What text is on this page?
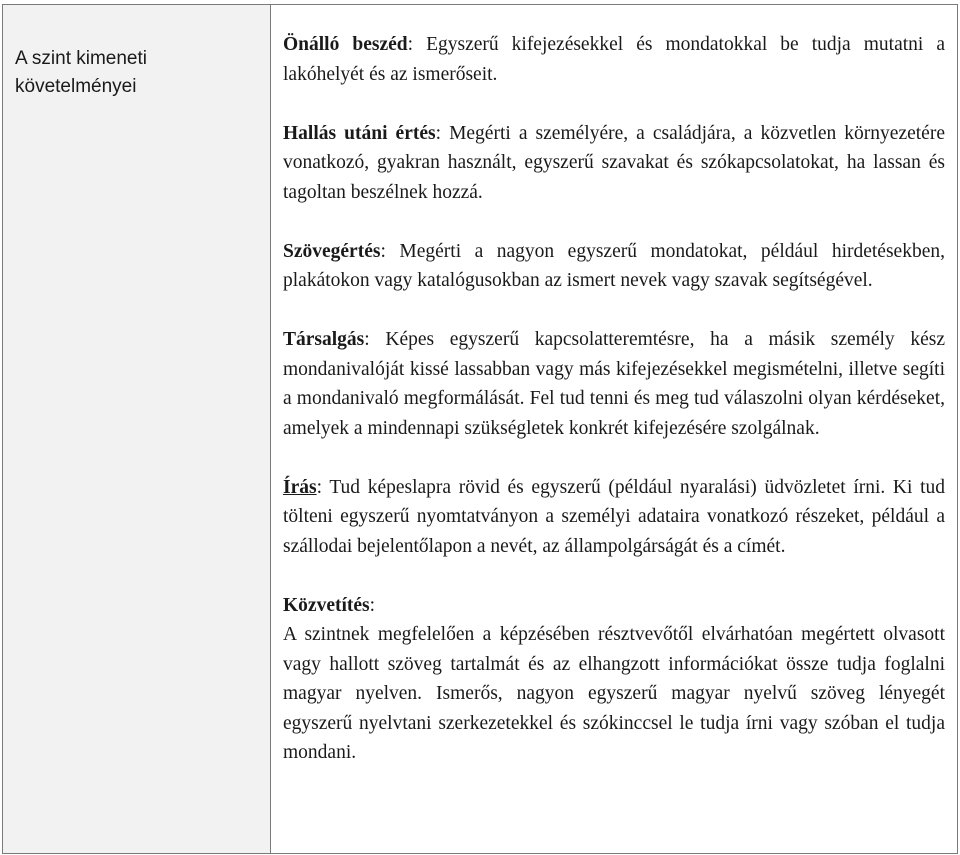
A szint kimeneti követelményei	

Önálló beszéd: Egyszerű kifejezésekkel és mondatokkal be tudja mutatni a lakóhelyét és az ismerőseit.

Hallás utáni értés: Megérti a személyére, a családjára, a közvetlen környezetére vonatkozó, gyakran használt, egyszerű szavakat és szókapcsolatokat, ha lassan és tagoltan beszélnek hozzá.

Szövegértés: Megérti a nagyon egyszerű mondatokat, például hirdetésekben, plakátokon vagy katalógusokban az ismert nevek vagy szavak segítségével.

Társalgás: Képes egyszerű kapcsolatteremtésre, ha a másik személy kész mondanivalóját kissé lassabban vagy más kifejezésekkel megismételni, illetve segíti a mondanivaló megformálását. Fel tud tenni és meg tud válaszolni olyan kérdéseket, amelyek a mindennapi szükségletek konkrét kifejezésére szolgálnak.

Írás: Tud képeslapra rövid és egyszerű (például nyaralási) üdvözletet írni. Ki tud tölteni egyszerű nyomtatványon a személyi adataira vonatkozó részeket, például a szállodai bejelentőlapon a nevét, az állampolgárságát és a címét.

Közvetítés:
A szintnek megfelelően a képzésében résztvevőtől elvárhatóan megértett olvasott vagy hallott szöveg tartalmát és az elhangzott információkat össze tudja foglalni magyar nyelven. Ismerős, nagyon egyszerű magyar nyelvű szöveg lényegét egyszerű nyelvtani szerkezetekkel és szókinccsel le tudja írni vagy szóban el tudja mondani.
